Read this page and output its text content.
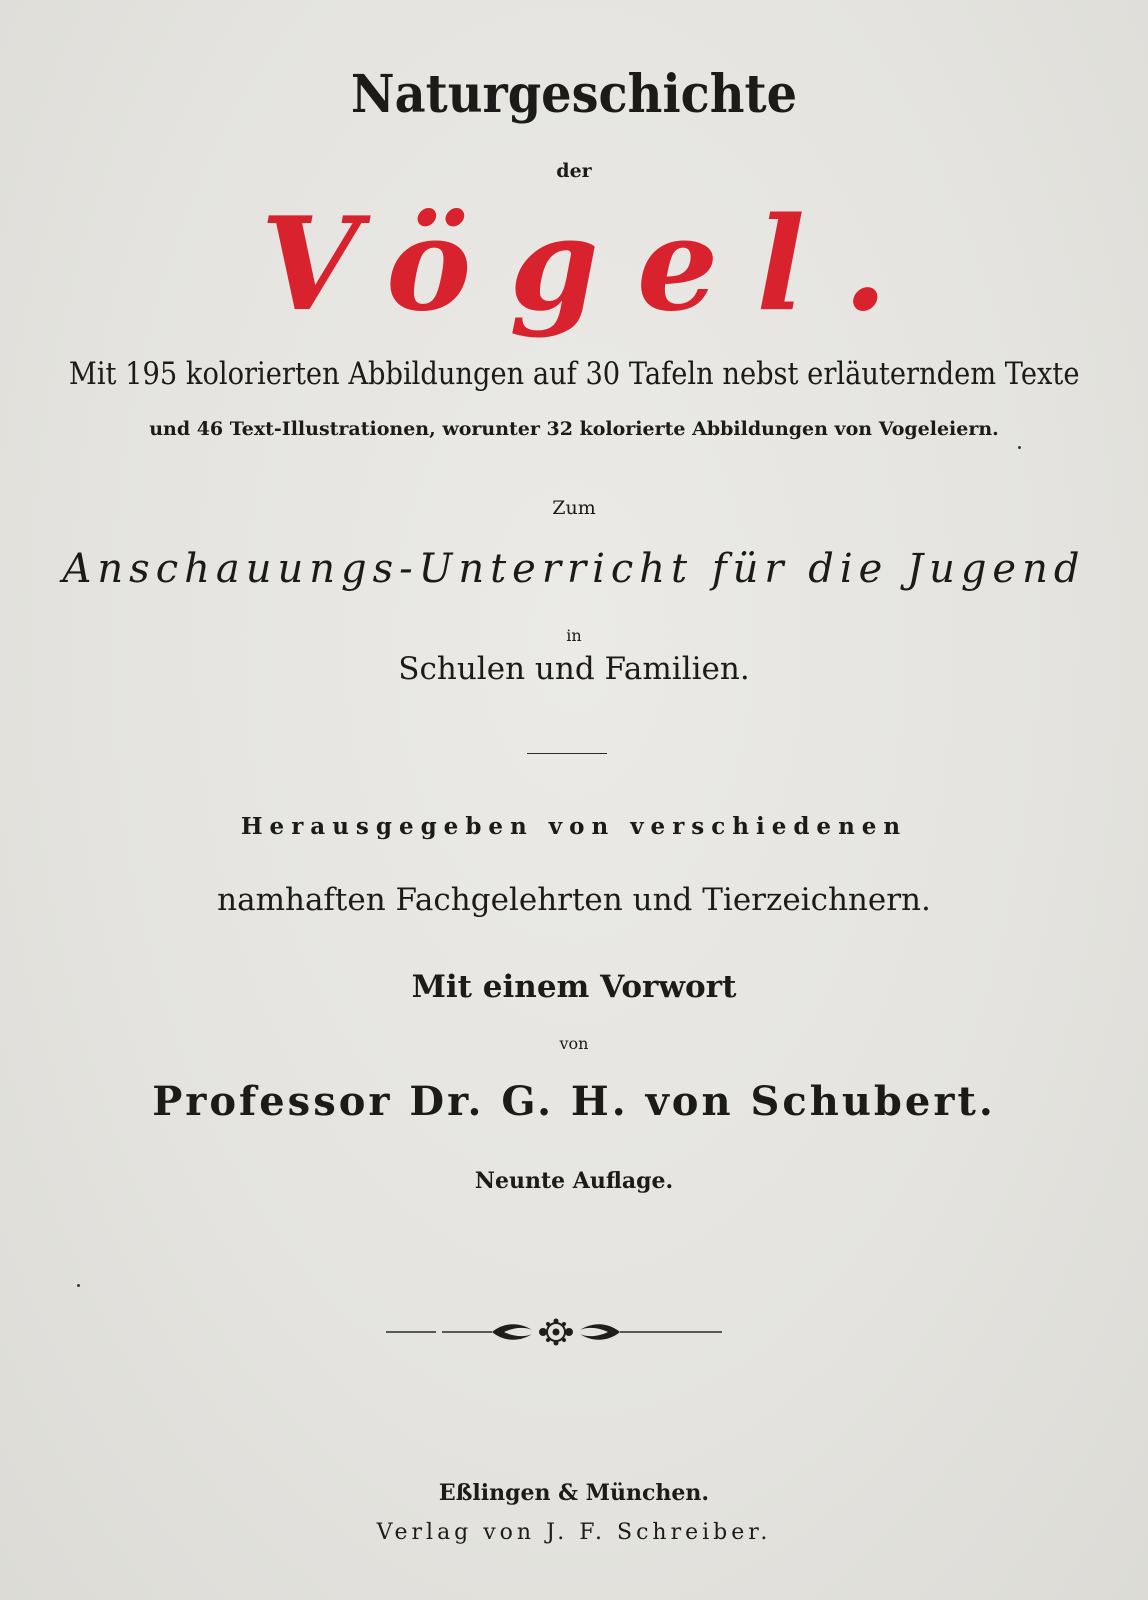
Naturgeschichte
der
Vögel.
Mit 195 kolorierten Abbildungen auf 30 Tafeln nebst erläuterndem Texte
und 46 Text-Illustrationen, worunter 32 kolorierte Abbildungen von Vogeleiern.
Zum
Anschauungs-Unterricht für die Jugend
in
Schulen und Familien.
Herausgegeben von verschiedenen
namhaften Fachgelehrten und Tierzeichnern.
Mit einem Vorwort
von
Professor Dr. G. H. von Schubert.
Neunte Auflage.
Eßlingen & München.
Verlag von J. F. Schreiber.
